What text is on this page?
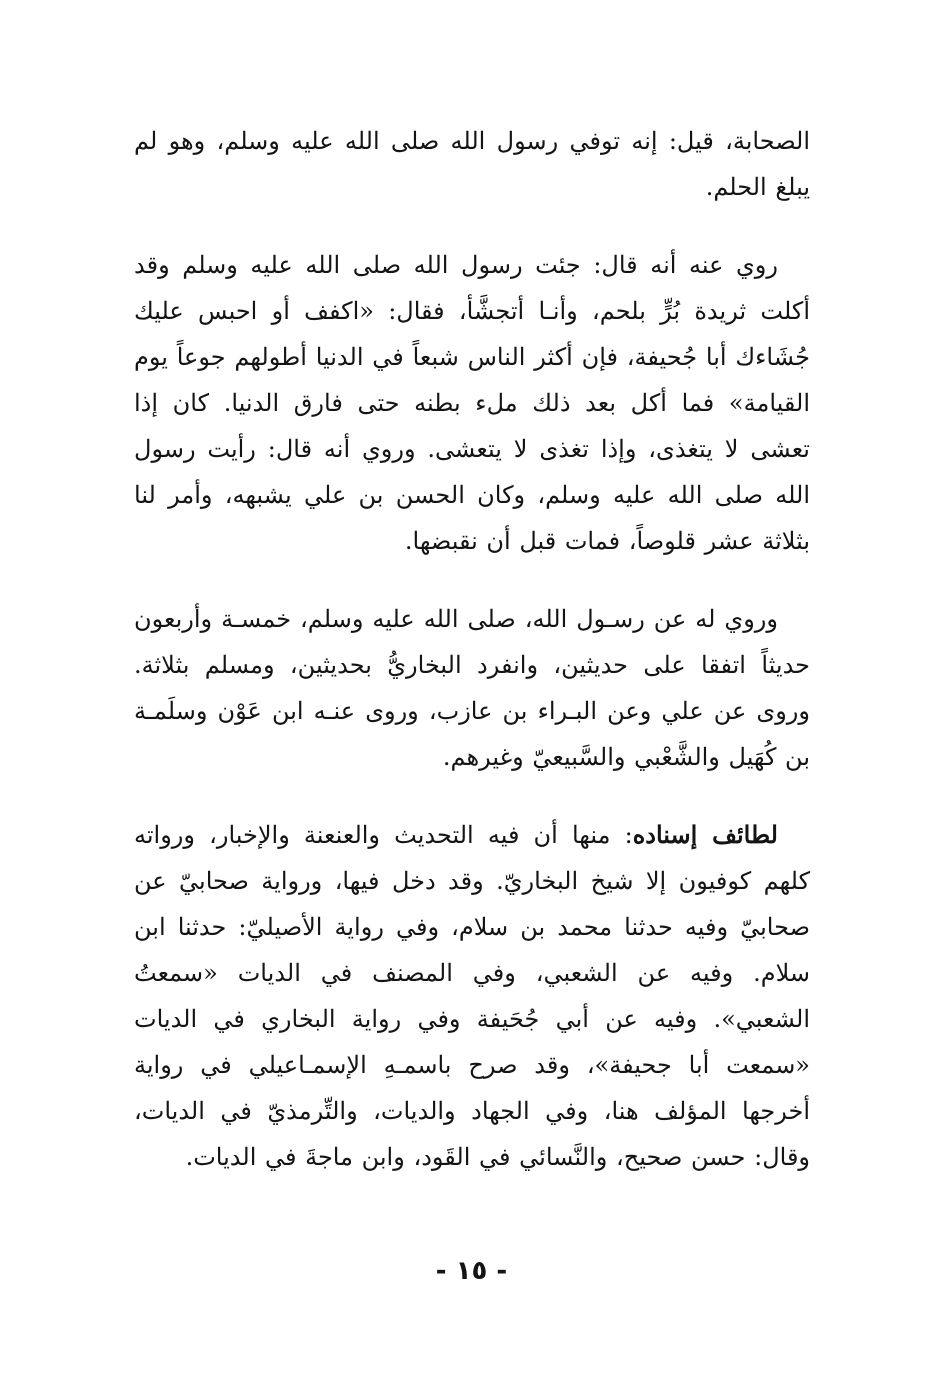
الصحابة، قيل: إنه توفي رسول الله صلى الله عليه وسلم، وهو لم يبلغ الحلم.

روي عنه أنه قال: جئت رسول الله صلى الله عليه وسلم وقد أكلت ثريدة بُرٍّ بلحم، وأنـا أتجشَّأ، فقال: «اكفف أو احبس عليك جُشَاءك أبا جُحيفة، فإن أكثر الناس شبعاً في الدنيا أطولهم جوعاً يوم القيامة» فما أكل بعد ذلك ملء بطنه حتى فارق الدنيا. كان إذا تعشى لا يتغذى، وإذا تغذى لا يتعشى. وروي أنه قال: رأيت رسول الله صلى الله عليه وسلم، وكان الحسن بن علي يشبهه، وأمر لنا بثلاثة عشر قلوصاً، فمات قبل أن نقبضها.

وروي له عن رسـول الله، صلى الله عليه وسلم، خمسـة وأربعون حديثاً اتفقا على حديثين، وانفرد البخاريُّ بحديثين، ومسلم بثلاثة. وروى عن علي وعن البـراء بن عازب، وروى عنـه ابن عَوْن وسلَمـة بن كُهَيل والشَّعْبي والسَّبيعيّ وغيرهم.

لطائف إسناده: منها أن فيه التحديث والعنعنة والإخبار، ورواته كلهم كوفيون إلا شيخ البخاريّ. وقد دخل فيها، ورواية صحابيّ عن صحابيّ وفيه حدثنا محمد بن سلام، وفي رواية الأصيليّ: حدثنا ابن سلام. وفيه عن الشعبي، وفي المصنف في الديات «سمعتُ الشعبي». وفيه عن أبي جُحَيفة وفي رواية البخاري في الديات «سمعت أبا جحيفة»، وقد صرح باسمـهِ الإسمـاعيلي في رواية أخرجها المؤلف هنا، وفي الجهاد والديات، والتِّرمذيّ في الديات، وقال: حسن صحيح، والنَّسائي في القَود، وابن ماجةَ في الديات.

- ١٥ -
